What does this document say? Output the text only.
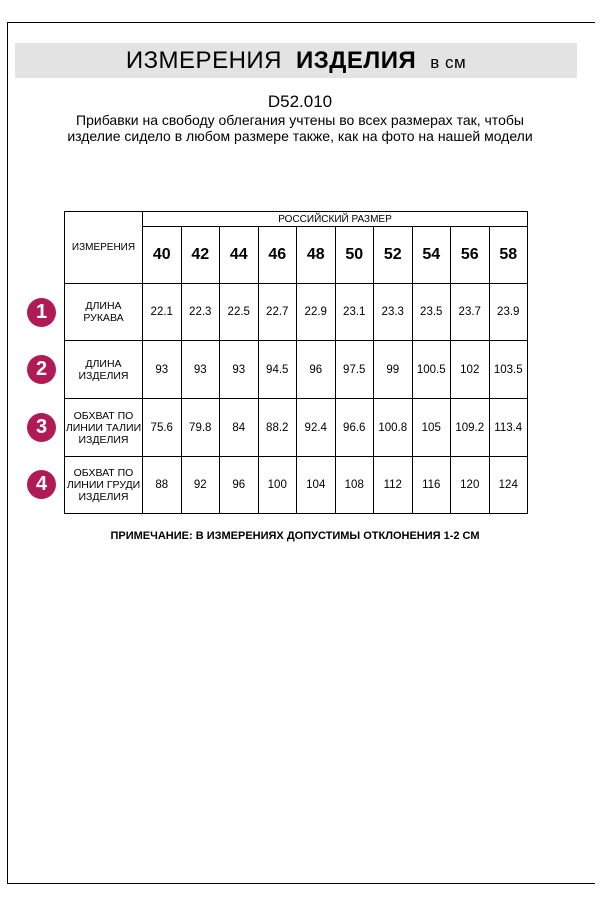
ИЗМЕРЕНИЯ ИЗДЕЛИЯ в см
D52.010
Прибавки на свободу облегания учтены во всех размерах так, чтобы изделие сидело в любом размере также, как на фото на нашей модели
ИЗМЕРЕНИЯ	РОССИЙСКИЙ РАЗМЕР									
	40	42	44	46	48	50	52	54	56	58
ДЛИНА РУКАВА	22.1	22.3	22.5	22.7	22.9	23.1	23.3	23.5	23.7	23.9
ДЛИНА ИЗДЕЛИЯ	93	93	93	94.5	96	97.5	99	100.5	102	103.5
ОБХВАТ ПО ЛИНИИ ТАЛИИ ИЗДЕЛИЯ	75.6	79.8	84	88.2	92.4	96.6	100.8	105	109.2	113.4
ОБХВАТ ПО ЛИНИИ ГРУДИ ИЗДЕЛИЯ	88	92	96	100	104	108	112	116	120	124
1
2
3
4
ПРИМЕЧАНИЕ: В ИЗМЕРЕНИЯХ ДОПУСТИМЫ ОТКЛОНЕНИЯ 1-2 СМ
